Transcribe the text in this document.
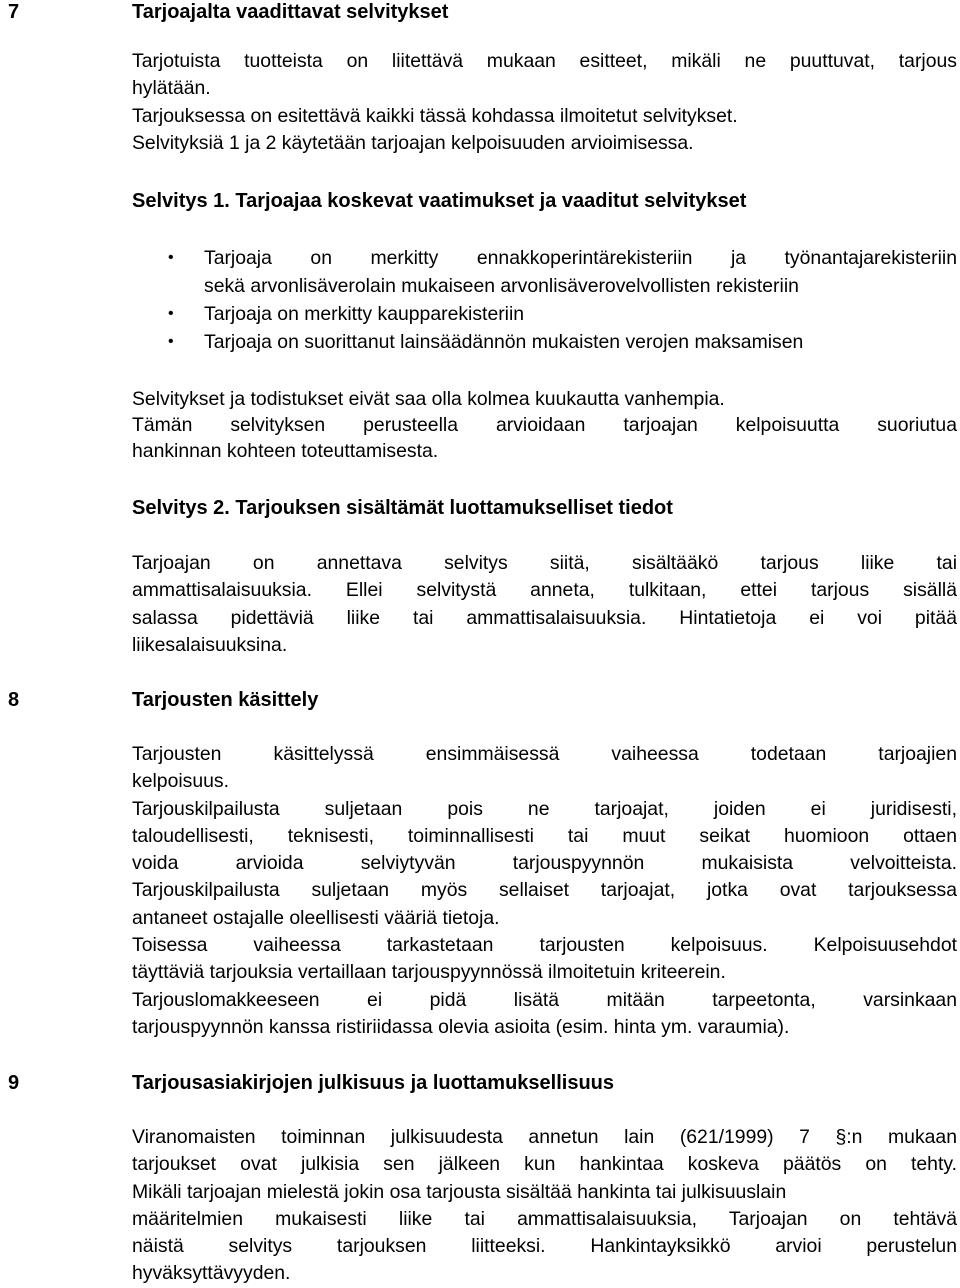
7	Tarjoajalta vaadittavat selvitykset
Tarjotuista tuotteista on liitettävä mukaan esitteet, mikäli ne puuttuvat, tarjous
hylätään.
Tarjouksessa on esitettävä kaikki tässä kohdassa ilmoitetut selvitykset.
Selvityksiä 1 ja 2 käytetään tarjoajan kelpoisuuden arvioimisessa.
Selvitys 1. Tarjoajaa koskevat vaatimukset ja vaaditut selvitykset
• Tarjoaja on merkitty ennakkoperintärekisteriin ja työnantajarekisteriin
sekä arvonlisäverolain mukaiseen arvonlisäverovelvollisten rekisteriin
• Tarjoaja on merkitty kaupparekisteriin
• Tarjoaja on suorittanut lainsäädännön mukaisten verojen maksamisen
Selvitykset ja todistukset eivät saa olla kolmea kuukautta vanhempia.
Tämän selvityksen perusteella arvioidaan tarjoajan kelpoisuutta suoriutua
hankinnan kohteen toteuttamisesta.
Selvitys 2. Tarjouksen sisältämät luottamukselliset tiedot
Tarjoajan on annettava selvitys siitä, sisältääkö tarjous liike tai
ammattisalaisuuksia. Ellei selvitystä anneta, tulkitaan, ettei tarjous sisällä
salassa pidettäviä liike tai ammattisalaisuuksia. Hintatietoja ei voi pitää
liikesalaisuuksina.
8	Tarjousten käsittely
Tarjousten käsittelyssä ensimmäisessä vaiheessa todetaan tarjoajien
kelpoisuus.
Tarjouskilpailusta suljetaan pois ne tarjoajat, joiden ei juridisesti,
taloudellisesti, teknisesti, toiminnallisesti tai muut seikat huomioon ottaen
voida arvioida selviytyvän tarjouspyynnön mukaisista velvoitteista.
Tarjouskilpailusta suljetaan myös sellaiset tarjoajat, jotka ovat tarjouksessa
antaneet ostajalle oleellisesti vääriä tietoja.
Toisessa vaiheessa tarkastetaan tarjousten kelpoisuus. Kelpoisuusehdot
täyttäviä tarjouksia vertaillaan tarjouspyynnössä ilmoitetuin kriteerein.
Tarjouslomakkeeseen ei pidä lisätä mitään tarpeetonta, varsinkaan
tarjouspyynnön kanssa ristiriidassa olevia asioita (esim. hinta ym. varaumia).
9	Tarjousasiakirjojen julkisuus ja luottamuksellisuus
Viranomaisten toiminnan julkisuudesta annetun lain (621/1999) 7 §:n mukaan
tarjoukset ovat julkisia sen jälkeen kun hankintaa koskeva päätös on tehty.
Mikäli tarjoajan mielestä jokin osa tarjousta sisältää hankinta tai julkisuuslain
määritelmien mukaisesti liike tai ammattisalaisuuksia, Tarjoajan on tehtävä
näistä selvitys tarjouksen liitteeksi. Hankintayksikkö arvioi perustelun
hyväksyttävyyden.
